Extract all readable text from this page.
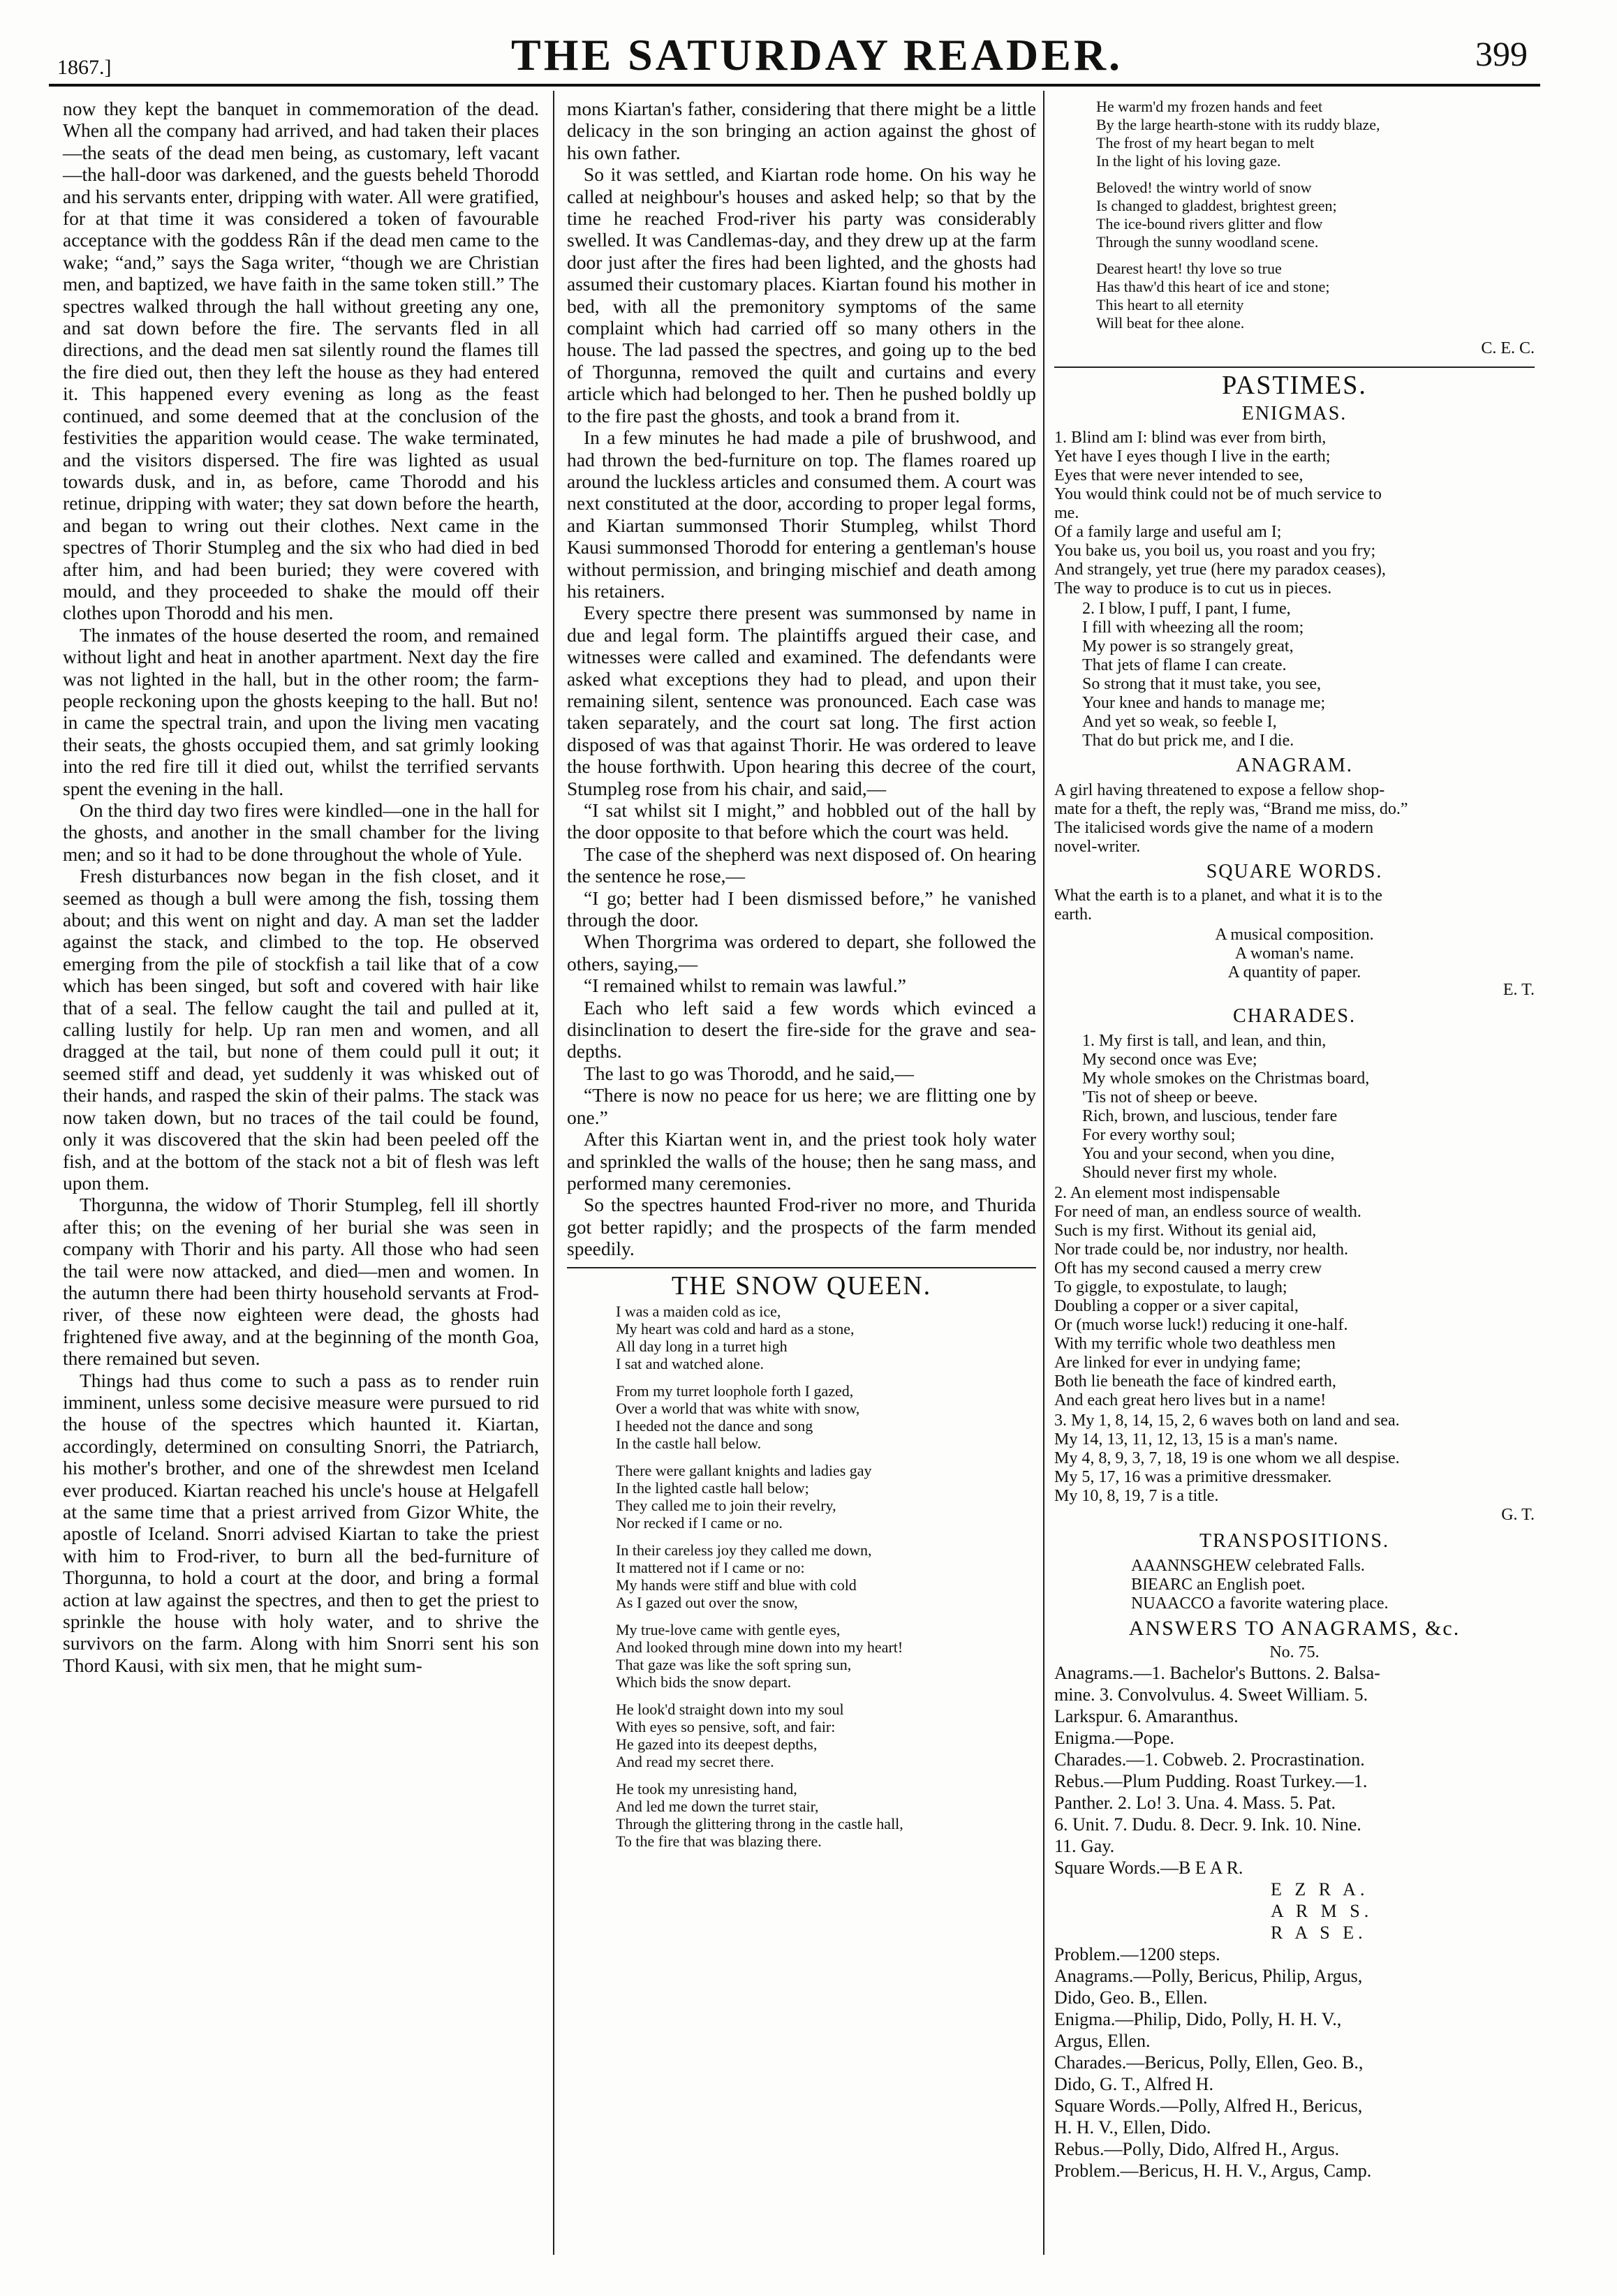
1867.]	THE SATURDAY READER.	399

now they kept the banquet in commemoration of the dead. When all the company had arrived, and had taken their places—the seats of the dead men being, as customary, left vacant —the hall-door was darkened, and the guests beheld Thorodd and his servants enter, dripping with water. All were gratified, for at that time it was considered a token of favourable acceptance with the goddess Rân if the dead men came to the wake; “and,” says the Saga writer, “though we are Christian men, and baptized, we have faith in the same token still.” The spectres walked through the hall without greeting any one, and sat down before the fire. The servants fled in all directions, and the dead men sat silently round the flames till the fire died out, then they left the house as they had entered it. This happened every evening as long as the feast continued, and some deemed that at the conclusion of the festivities the apparition would cease. The wake terminated, and the visitors dispersed. The fire was lighted as usual towards dusk, and in, as before, came Thorodd and his retinue, dripping with water; they sat down before the hearth, and began to wring out their clothes. Next came in the spectres of Thorir Stumpleg and the six who had died in bed after him, and had been buried; they were covered with mould, and they proceeded to shake the mould off their clothes upon Thorodd and his men.

The inmates of the house deserted the room, and remained without light and heat in another apartment. Next day the fire was not lighted in the hall, but in the other room; the farm-people reckoning upon the ghosts keeping to the hall. But no! in came the spectral train, and upon the living men vacating their seats, the ghosts occupied them, and sat grimly looking into the red fire till it died out, whilst the terrified servants spent the evening in the hall.

On the third day two fires were kindled—one in the hall for the ghosts, and another in the small chamber for the living men; and so it had to be done throughout the whole of Yule.

Fresh disturbances now began in the fish closet, and it seemed as though a bull were among the fish, tossing them about; and this went on night and day. A man set the ladder against the stack, and climbed to the top. He observed emerging from the pile of stockfish a tail like that of a cow which has been singed, but soft and covered with hair like that of a seal. The fellow caught the tail and pulled at it, calling lustily for help. Up ran men and women, and all dragged at the tail, but none of them could pull it out; it seemed stiff and dead, yet suddenly it was whisked out of their hands, and rasped the skin of their palms. The stack was now taken down, but no traces of the tail could be found, only it was discovered that the skin had been peeled off the fish, and at the bottom of the stack not a bit of flesh was left upon them.

Thorgunna, the widow of Thorir Stumpleg, fell ill shortly after this; on the evening of her burial she was seen in company with Thorir and his party. All those who had seen the tail were now attacked, and died—men and women. In the autumn there had been thirty household servants at Frod-river, of these now eighteen were dead, the ghosts had frightened five away, and at the beginning of the month Goa, there remained but seven.

Things had thus come to such a pass as to render ruin imminent, unless some decisive measure were pursued to rid the house of the spectres which haunted it. Kiartan, accordingly, determined on consulting Snorri, the Patriarch, his mother's brother, and one of the shrewdest men Iceland ever produced. Kiartan reached his uncle's house at Helgafell at the same time that a priest arrived from Gizor White, the apostle of Iceland. Snorri advised Kiartan to take the priest with him to Frod-river, to burn all the bed-furniture of Thorgunna, to hold a court at the door, and bring a formal action at law against the spectres, and then to get the priest to sprinkle the house with holy water, and to shrive the survivors on the farm. Along with him Snorri sent his son Thord Kausi, with six men, that he might sum-

mons Kiartan's father, considering that there might be a little delicacy in the son bringing an action against the ghost of his own father.

So it was settled, and Kiartan rode home. On his way he called at neighbour's houses and asked help; so that by the time he reached Frod-river his party was considerably swelled. It was Candlemas-day, and they drew up at the farm door just after the fires had been lighted, and the ghosts had assumed their customary places. Kiartan found his mother in bed, with all the premonitory symptoms of the same complaint which had carried off so many others in the house. The lad passed the spectres, and going up to the bed of Thorgunna, removed the quilt and curtains and every article which had belonged to her. Then he pushed boldly up to the fire past the ghosts, and took a brand from it.

In a few minutes he had made a pile of brushwood, and had thrown the bed-furniture on top. The flames roared up around the luckless articles and consumed them. A court was next constituted at the door, according to proper legal forms, and Kiartan summonsed Thorir Stumpleg, whilst Thord Kausi summonsed Thorodd for entering a gentleman's house without permission, and bringing mischief and death among his retainers.

Every spectre there present was summonsed by name in due and legal form. The plaintiffs argued their case, and witnesses were called and examined. The defendants were asked what exceptions they had to plead, and upon their remaining silent, sentence was pronounced. Each case was taken separately, and the court sat long. The first action disposed of was that against Thorir. He was ordered to leave the house forthwith. Upon hearing this decree of the court, Stumpleg rose from his chair, and said,—

“I sat whilst sit I might,” and hobbled out of the hall by the door opposite to that before which the court was held.

The case of the shepherd was next disposed of. On hearing the sentence he rose,—

“I go; better had I been dismissed before,” he vanished through the door.

When Thorgrima was ordered to depart, she followed the others, saying,—

“I remained whilst to remain was lawful.”

Each who left said a few words which evinced a disinclination to desert the fire-side for the grave and sea-depths.

The last to go was Thorodd, and he said,—

“There is now no peace for us here; we are flitting one by one.”

After this Kiartan went in, and the priest took holy water and sprinkled the walls of the house; then he sang mass, and performed many ceremonies.

So the spectres haunted Frod-river no more, and Thurida got better rapidly; and the prospects of the farm mended speedily.

THE SNOW QUEEN.
I was a maiden cold as ice,
My heart was cold and hard as a stone,
All day long in a turret high
I sat and watched alone.
From my turret loophole forth I gazed,
Over a world that was white with snow,
I heeded not the dance and song
In the castle hall below.
There were gallant knights and ladies gay
In the lighted castle hall below;
They called me to join their revelry,
Nor recked if I came or no.
In their careless joy they called me down,
It mattered not if I came or no:
My hands were stiff and blue with cold
As I gazed out over the snow,
My true-love came with gentle eyes,
And looked through mine down into my heart!
That gaze was like the soft spring sun,
Which bids the snow depart.
He look'd straight down into my soul
With eyes so pensive, soft, and fair:
He gazed into its deepest depths,
And read my secret there.
He took my unresisting hand,
And led me down the turret stair,
Through the glittering throng in the castle hall,
To the fire that was blazing there.
He warm'd my frozen hands and feet
By the large hearth-stone with its ruddy blaze,
The frost of my heart began to melt
In the light of his loving gaze.
Beloved! the wintry world of snow
Is changed to gladdest, brightest green;
The ice-bound rivers glitter and flow
Through the sunny woodland scene.
Dearest heart! thy love so true
Has thaw'd this heart of ice and stone;
This heart to all eternity
Will beat for thee alone.
C. E. C.
PASTIMES.
ENIGMAS.
1. Blind am I: blind was ever from birth,
Yet have I eyes though I live in the earth;
Eyes that were never intended to see,
You would think could not be of much service to
me.
Of a family large and useful am I;
You bake us, you boil us, you roast and you fry;
And strangely, yet true (here my paradox ceases),
The way to produce is to cut us in pieces.
2. I blow, I puff, I pant, I fume,
I fill with wheezing all the room;
My power is so strangely great,
That jets of flame I can create.
So strong that it must take, you see,
Your knee and hands to manage me;
And yet so weak, so feeble I,
That do but prick me, and I die.
ANAGRAM.
A girl having threatened to expose a fellow shop-
mate for a theft, the reply was, “Brand me miss, do.”
The italicised words give the name of a modern
novel-writer.
SQUARE WORDS.
What the earth is to a planet, and what it is to the
earth.
A musical composition.
A woman's name.
A quantity of paper.
E. T.
CHARADES.
1. My first is tall, and lean, and thin,
My second once was Eve;
My whole smokes on the Christmas board,
'Tis not of sheep or beeve.
Rich, brown, and luscious, tender fare
For every worthy soul;
You and your second, when you dine,
Should never first my whole.
2. An element most indispensable
For need of man, an endless source of wealth.
Such is my first. Without its genial aid,
Nor trade could be, nor industry, nor health.
Oft has my second caused a merry crew
To giggle, to expostulate, to laugh;
Doubling a copper or a siver capital,
Or (much worse luck!) reducing it one-half.
With my terrific whole two deathless men
Are linked for ever in undying fame;
Both lie beneath the face of kindred earth,
And each great hero lives but in a name!
3. My 1, 8, 14, 15, 2, 6 waves both on land and sea.
My 14, 13, 11, 12, 13, 15 is a man's name.
My 4, 8, 9, 3, 7, 18, 19 is one whom we all despise.
My 5, 17, 16 was a primitive dressmaker.
My 10, 8, 19, 7 is a title.
G. T.
TRANSPOSITIONS.
AAANNSGHEW celebrated Falls.
BIEARC an English poet.
NUAACCO a favorite watering place.
ANSWERS TO ANAGRAMS, &c.
No. 75.
Anagrams.—1. Bachelor's Buttons. 2. Balsa-
mine. 3. Convolvulus. 4. Sweet William. 5.
Larkspur. 6. Amaranthus.
Enigma.—Pope.
Charades.—1. Cobweb. 2. Procrastination.
Rebus.—Plum Pudding. Roast Turkey.—1.
Panther. 2. Lo! 3. Una. 4. Mass. 5. Pat.
6. Unit. 7. Dudu. 8. Decr. 9. Ink. 10. Nine.
11. Gay.
Square Words.—B E A R.
E Z R A.
A R M S.
R A S E.
Problem.—1200 steps.
Anagrams.—Polly, Bericus, Philip, Argus,
Dido, Geo. B., Ellen.
Enigma.—Philip, Dido, Polly, H. H. V.,
Argus, Ellen.
Charades.—Bericus, Polly, Ellen, Geo. B.,
Dido, G. T., Alfred H.
Square Words.—Polly, Alfred H., Bericus,
H. H. V., Ellen, Dido.
Rebus.—Polly, Dido, Alfred H., Argus.
Problem.—Bericus, H. H. V., Argus, Camp.
